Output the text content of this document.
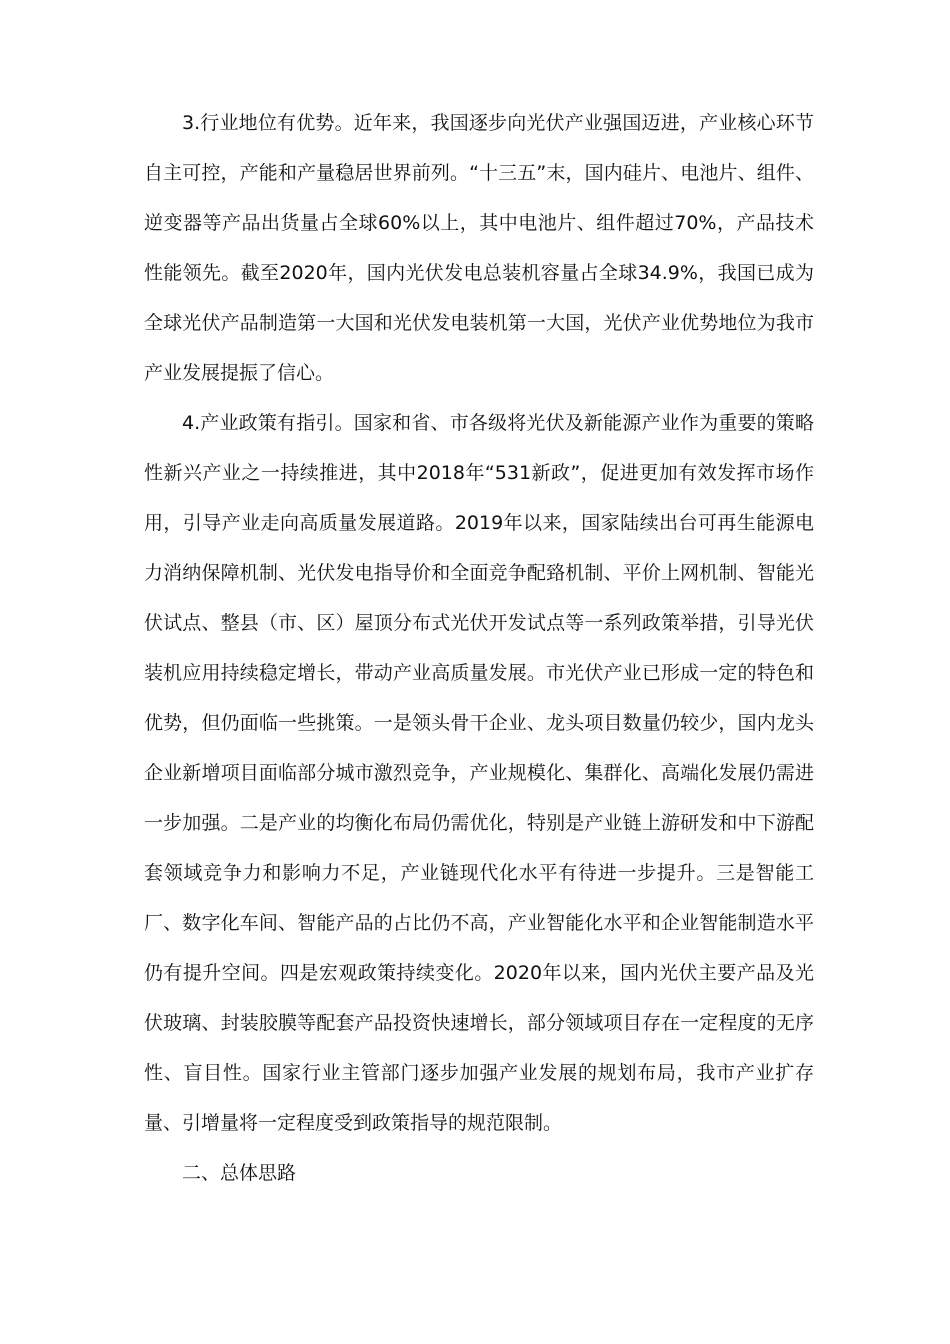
3.行业地位有优势。近年来，我国逐步向光伏产业强国迈进，产业核心环节自主可控，产能和产量稳居世界前列。“十三五”末，国内硅片、电池片、组件、逆变器等产品出货量占全球60%以上，其中电池片、组件超过70%，产品技术性能领先。截至2020年，国内光伏发电总装机容量占全球34.9%，我国已成为全球光伏产品制造第一大国和光伏发电装机第一大国，光伏产业优势地位为我市产业发展提振了信心。

4.产业政策有指引。国家和省、市各级将光伏及新能源产业作为重要的策略性新兴产业之一持续推进，其中2018年“531新政”，促进更加有效发挥市场作用，引导产业走向高质量发展道路。2019年以来，国家陆续出台可再生能源电力消纳保障机制、光伏发电指导价和全面竞争配臵机制、平价上网机制、智能光伏试点、整县（市、区）屋顶分布式光伏开发试点等一系列政策举措，引导光伏装机应用持续稳定增长，带动产业高质量发展。市光伏产业已形成一定的特色和优势，但仍面临一些挑策。一是领头骨干企业、龙头项目数量仍较少，国内龙头企业新增项目面临部分城市激烈竞争，产业规模化、集群化、高端化发展仍需进一步加强。二是产业的均衡化布局仍需优化，特别是产业链上游研发和中下游配套领域竞争力和影响力不足，产业链现代化水平有待进一步提升。三是智能工厂、数字化车间、智能产品的占比仍不高，产业智能化水平和企业智能制造水平仍有提升空间。四是宏观政策持续变化。2020年以来，国内光伏主要产品及光伏玻璃、封装胶膜等配套产品投资快速增长，部分领域项目存在一定程度的无序性、盲目性。国家行业主管部门逐步加强产业发展的规划布局，我市产业扩存量、引增量将一定程度受到政策指导的规范限制。

二、总体思路
